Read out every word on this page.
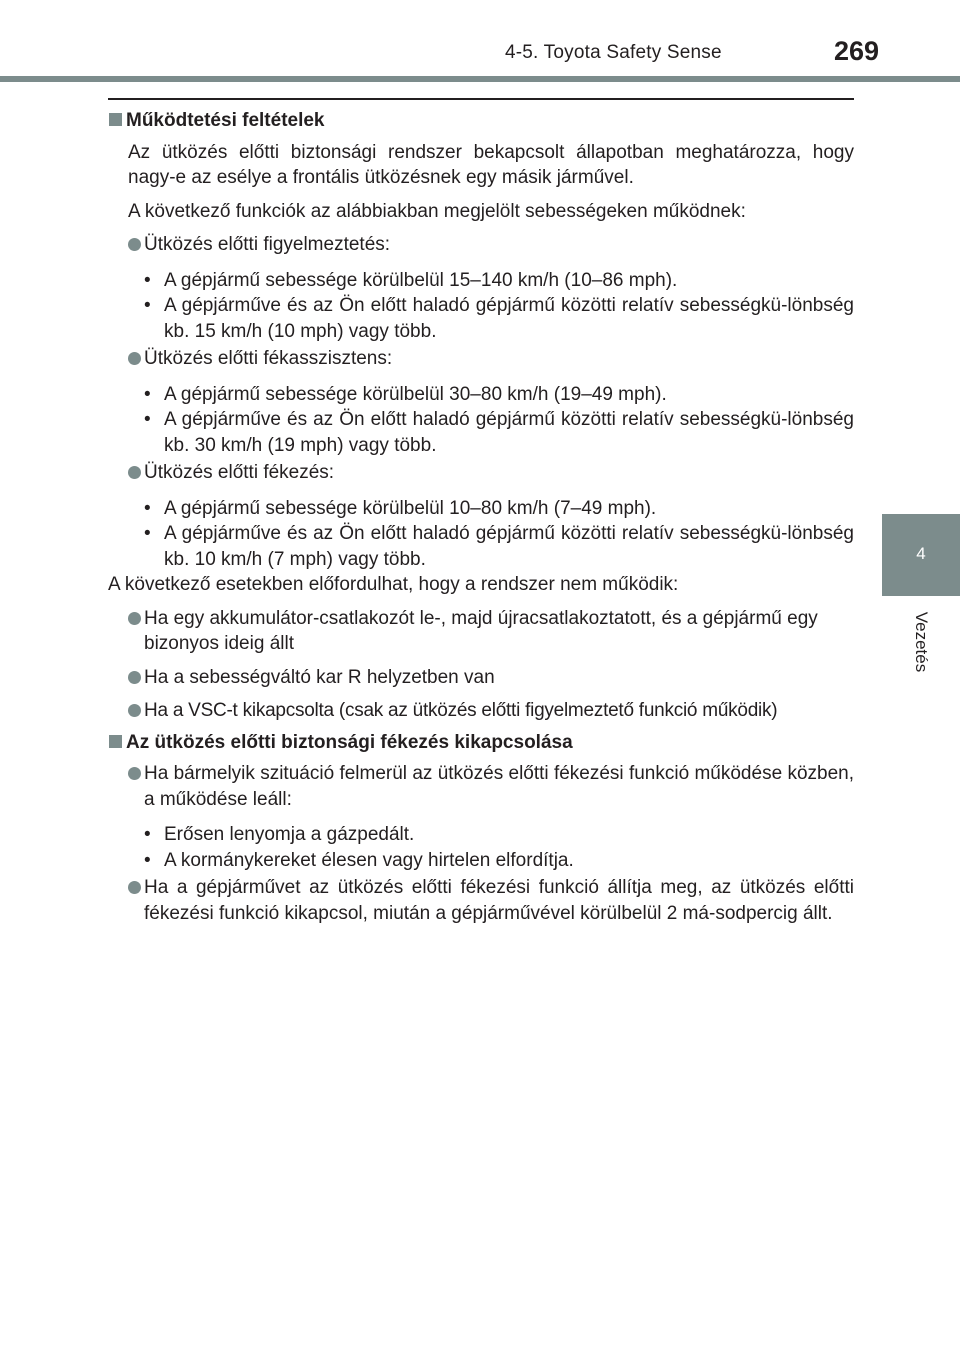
4-5. Toyota Safety Sense	269
4
Vezetés
Működtetési feltételek
Az ütközés előtti biztonsági rendszer bekapcsolt állapotban meghatározza, hogy nagy-e az esélye a frontális ütközésnek egy másik járművel.
A következő funkciók az alábbiakban megjelölt sebességeken működnek:
Ütközés előtti figyelmeztetés:
• A gépjármű sebessége körülbelül 15–140 km/h (10–86 mph).
• A gépjárműve és az Ön előtt haladó gépjármű közötti relatív sebességkü-lönbség kb. 15 km/h (10 mph) vagy több.
Ütközés előtti fékasszisztens:
• A gépjármű sebessége körülbelül 30–80 km/h (19–49 mph).
• A gépjárműve és az Ön előtt haladó gépjármű közötti relatív sebességkü-lönbség kb. 30 km/h (19 mph) vagy több.
Ütközés előtti fékezés:
• A gépjármű sebessége körülbelül 10–80 km/h (7–49 mph).
• A gépjárműve és az Ön előtt haladó gépjármű közötti relatív sebességkü-lönbség kb. 10 km/h (7 mph) vagy több.
A következő esetekben előfordulhat, hogy a rendszer nem működik:
Ha egy akkumulátor-csatlakozót le-, majd újracsatlakoztatott, és a gépjármű egy bizonyos ideig állt
Ha a sebességváltó kar R helyzetben van
Ha a VSC-t kikapcsolta (csak az ütközés előtti figyelmeztető funkció működik)
Az ütközés előtti biztonsági fékezés kikapcsolása
Ha bármelyik szituáció felmerül az ütközés előtti fékezési funkció működése közben, a működése leáll:
• Erősen lenyomja a gázpedált.
• A kormánykereket élesen vagy hirtelen elfordítja.
Ha a gépjárművet az ütközés előtti fékezési funkció állítja meg, az ütközés előtti fékezési funkció kikapcsol, miután a gépjárművével körülbelül 2 má-sodpercig állt.
